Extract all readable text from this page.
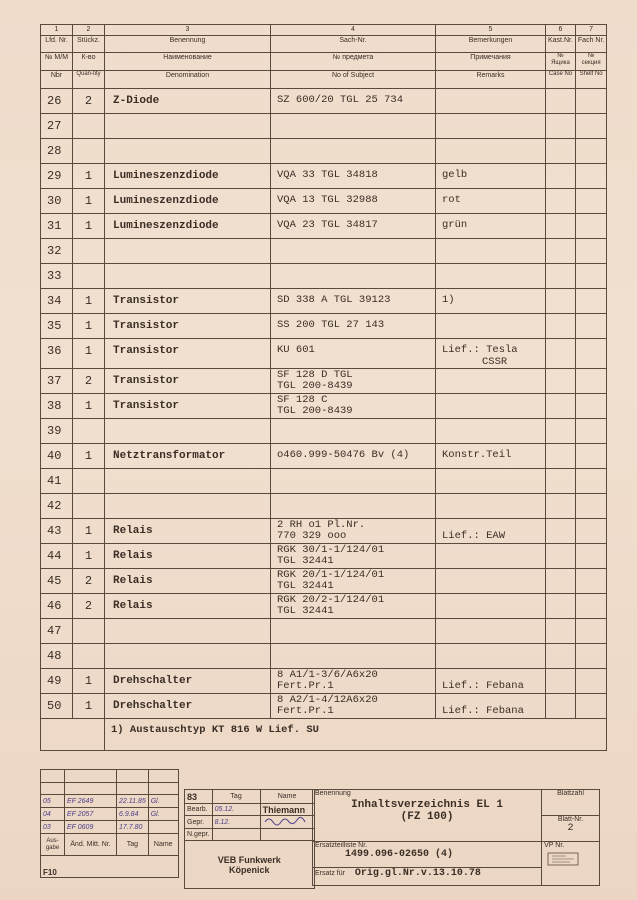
1	2	3	4	5	6	7
Lfd. Nr.	Stückz.	Benennung	Sach-Nr.	Bemerkungen	Kast.Nr.	Fach Nr.
№ М/М	К-во	Наименование	№ предмета	Примечания	№ Ящика	№ секция
Nbr	Quan-tity	Denomination	No of Subject	Remarks	Case No	Shelf No
26	2	Z-Diode	SZ 600/20 TGL 25 734			

27			

28			

29	1	Lumineszenzdiode	VQA 33 TGL 34818	gelb		

30	1	Lumineszenzdiode	VQA 13 TGL 32988	rot		

31	1	Lumineszenzdiode	VQA 23 TGL 34817	grün		

32			

33			

34	1	Transistor	SD 338 A TGL 39123	1)		

35	1	Transistor	SS 200 TGL 27 143			

36	1	Transistor	KU 601	Lief.: Tesla
CSSR		

37	2	Transistor	SF 128 D TGL
TGL 200-8439			

38	1	Transistor	SF 128 C
TGL 200-8439			

39			

40	1	Netztransformator	o460.999-50476 Bv (4)	Konstr.Teil		

41			

42			

43	1	Relais	2 RH o1 Pl.Nr.
770 329 ooo	Lief.: EAW		

44	1	Relais	RGK 30/1-1/124/01
TGL 32441			

45	2	Relais	RGK 20/1-1/124/01
TGL 32441			

46	2	Relais	RGK 20/2-1/124/01
TGL 32441			

47			

48			

49	1	Drehschalter	8 A1/1-3/6/A6x20
Fert.Pr.1	Lief.: Febana		

50	1	Drehschalter	8 A2/1-4/12A6x20
Fert.Pr.1	Lief.: Febana		

		1) Austauschtyp KT 816 W Lief. SU				

05	EF 2649	22.11.85	Gl.
04	EF 2057	6.9.84	Gl.
03	EF 0609	17.7.80	
Aus-gabe	Änd. Mitt. Nr.	Tag	Name
F10			
83	Tag	Name
Bearb.	05.12.	Thiemann
Gepr.	8.12.	
N.gepr.		

VEB Funkwerk
Köpenick		
Benennung
Inhaltsverzeichnis EL 1
(FZ 100)	Blattzahl

	Blatt-Nr.
2

Ersatzteilliste Nr.
1499.096-02650 (4)	VP Nr.

Ersatz für Orig.gl.Nr.v.13.10.78	
